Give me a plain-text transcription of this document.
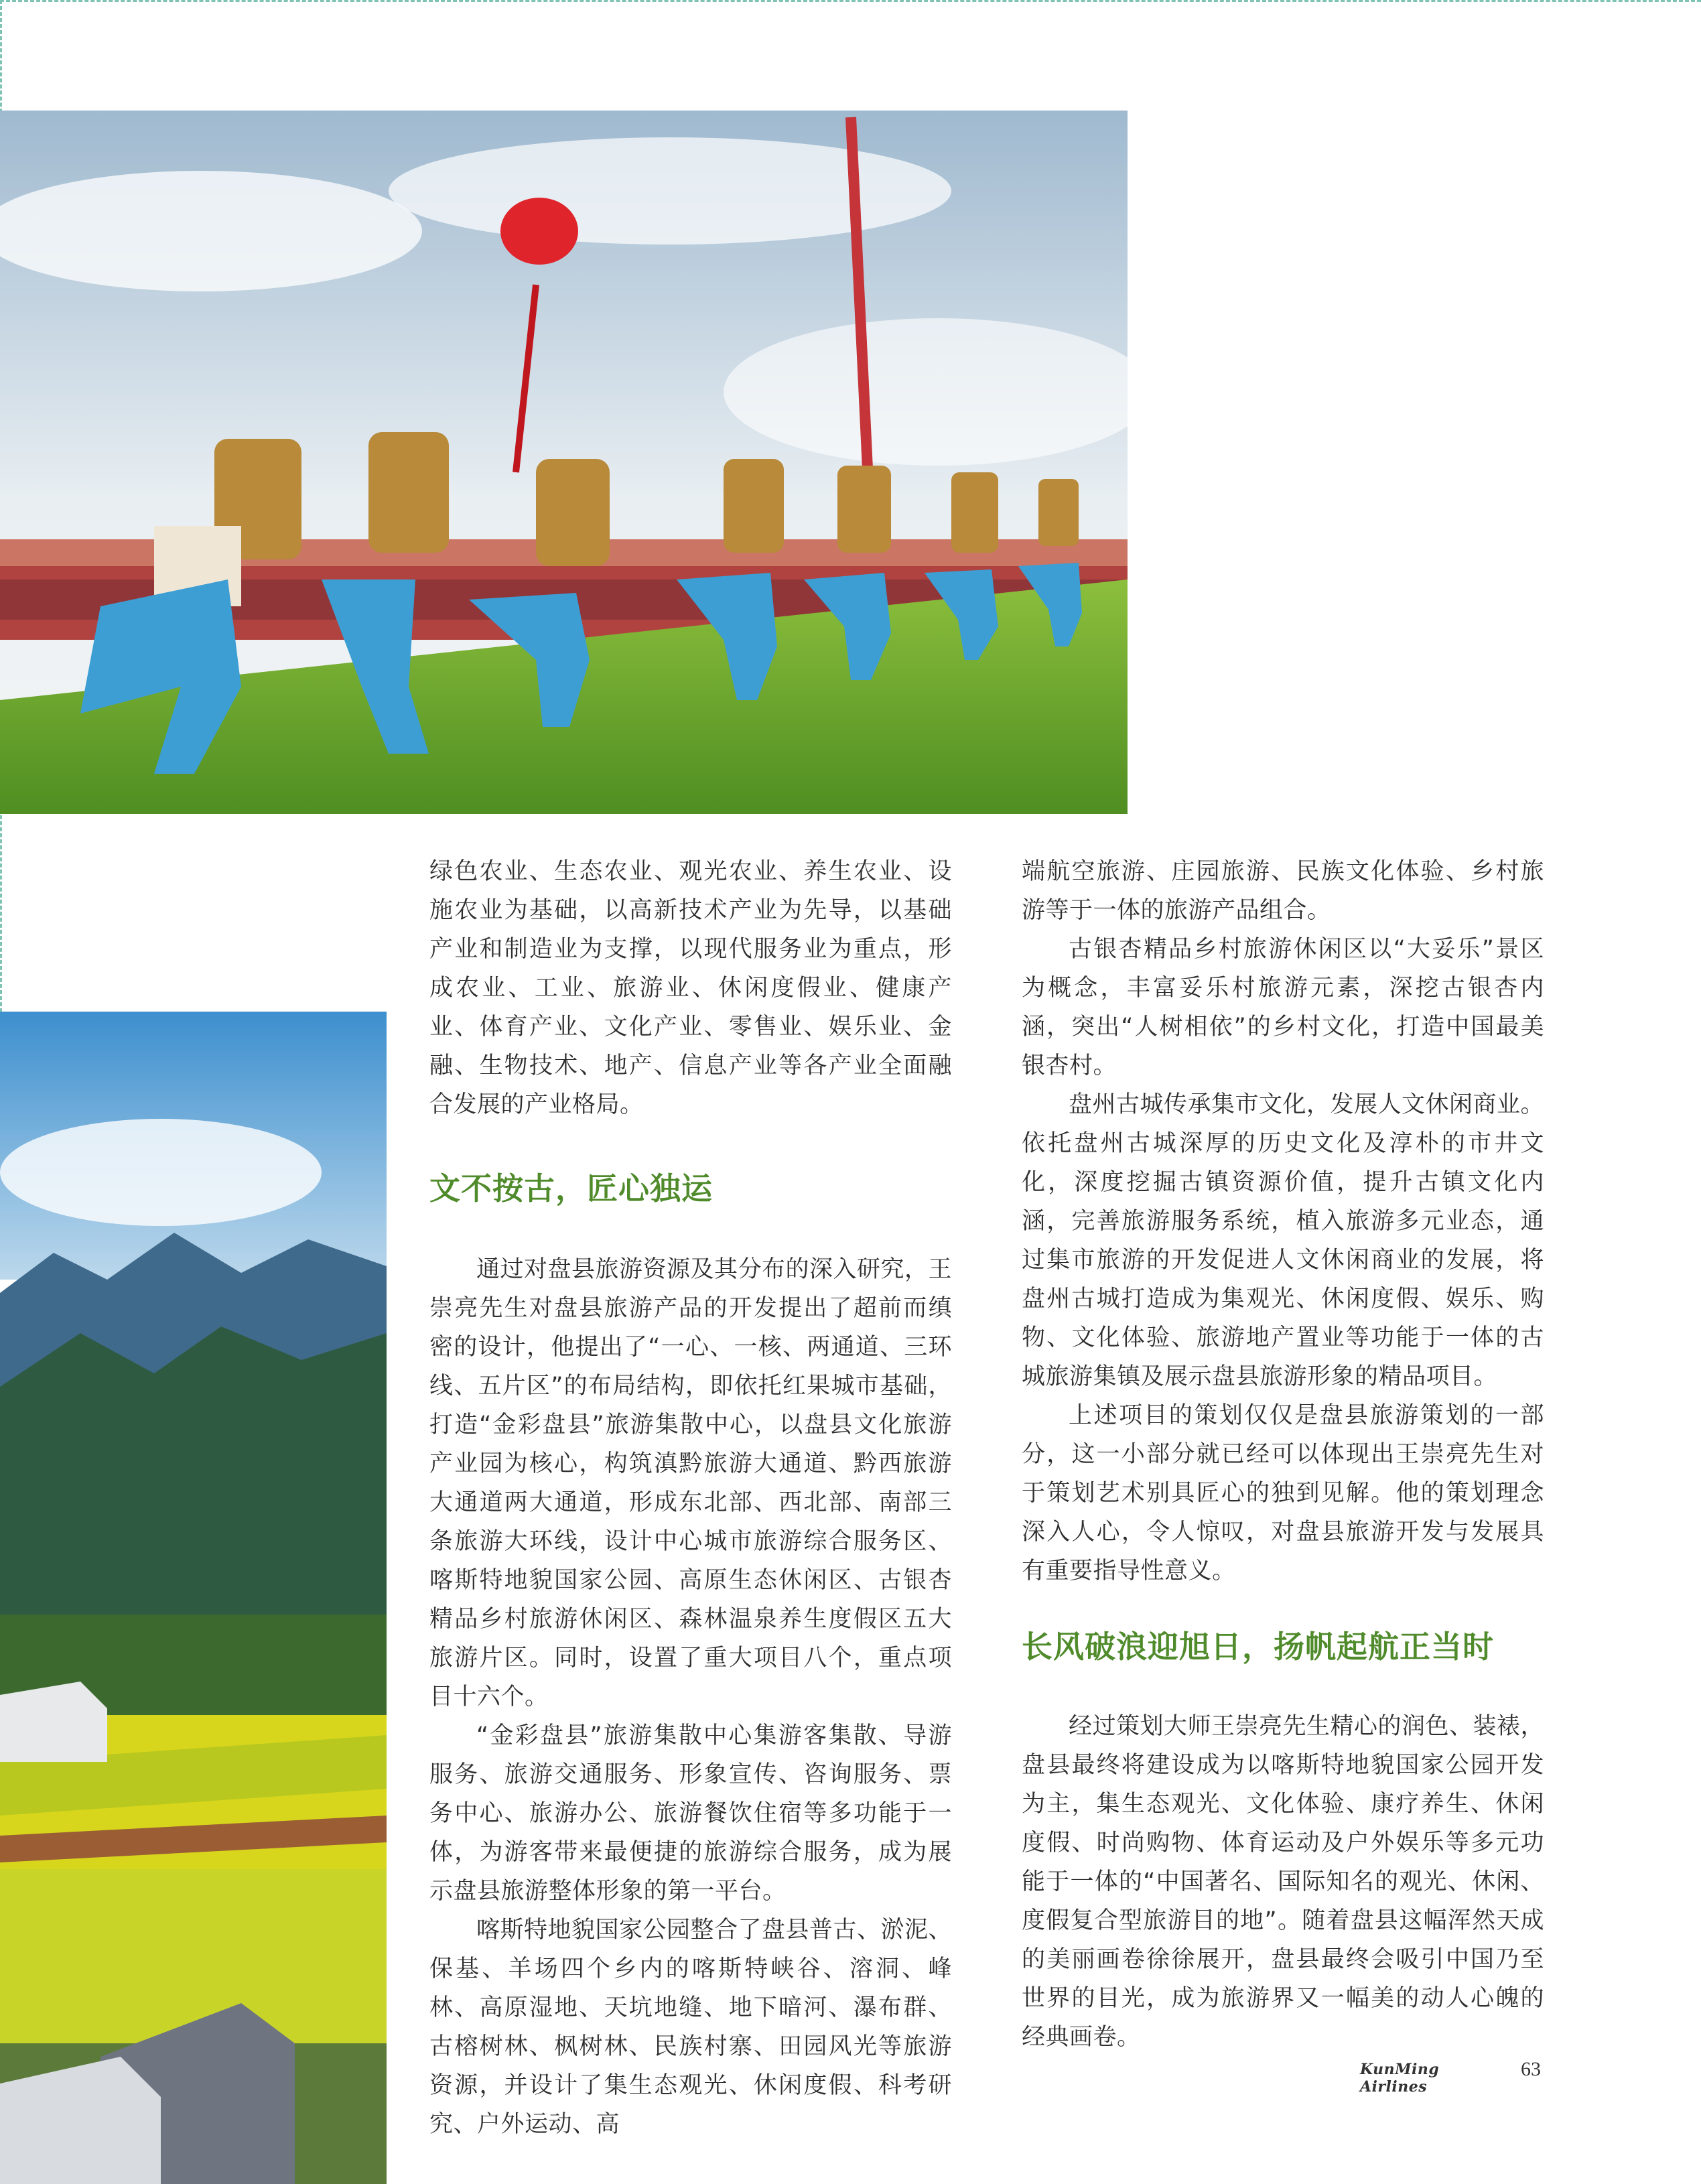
绿色农业、生态农业、观光农业、养生农业、设施农业为基础，以高新技术产业为先导，以基础产业和制造业为支撑，以现代服务业为重点，形成农业、工业、旅游业、休闲度假业、健康产业、体育产业、文化产业、零售业、娱乐业、金融、生物技术、地产、信息产业等各产业全面融合发展的产业格局。

文不按古，匠心独运

通过对盘县旅游资源及其分布的深入研究，王崇亮先生对盘县旅游产品的开发提出了超前而缜密的设计，他提出了“一心、一核、两通道、三环线、五片区”的布局结构，即依托红果城市基础，打造“金彩盘县”旅游集散中心，以盘县文化旅游产业园为核心，构筑滇黔旅游大通道、黔西旅游大通道两大通道，形成东北部、西北部、南部三条旅游大环线，设计中心城市旅游综合服务区、喀斯特地貌国家公园、高原生态休闲区、古银杏精品乡村旅游休闲区、森林温泉养生度假区五大旅游片区。同时，设置了重大项目八个，重点项目十六个。

“金彩盘县”旅游集散中心集游客集散、导游服务、旅游交通服务、形象宣传、咨询服务、票务中心、旅游办公、旅游餐饮住宿等多功能于一体，为游客带来最便捷的旅游综合服务，成为展示盘县旅游整体形象的第一平台。

喀斯特地貌国家公园整合了盘县普古、淤泥、保基、羊场四个乡内的喀斯特峡谷、溶洞、峰林、高原湿地、天坑地缝、地下暗河、瀑布群、古榕树林、枫树林、民族村寨、田园风光等旅游资源，并设计了集生态观光、休闲度假、科考研究、户外运动、高

端航空旅游、庄园旅游、民族文化体验、乡村旅游等于一体的旅游产品组合。

古银杏精品乡村旅游休闲区以“大妥乐”景区为概念，丰富妥乐村旅游元素，深挖古银杏内涵，突出“人树相依”的乡村文化，打造中国最美银杏村。

盘州古城传承集市文化，发展人文休闲商业。依托盘州古城深厚的历史文化及淳朴的市井文化，深度挖掘古镇资源价值，提升古镇文化内涵，完善旅游服务系统，植入旅游多元业态，通过集市旅游的开发促进人文休闲商业的发展，将盘州古城打造成为集观光、休闲度假、娱乐、购物、文化体验、旅游地产置业等功能于一体的古城旅游集镇及展示盘县旅游形象的精品项目。

上述项目的策划仅仅是盘县旅游策划的一部分，这一小部分就已经可以体现出王崇亮先生对于策划艺术别具匠心的独到见解。他的策划理念深入人心，令人惊叹，对盘县旅游开发与发展具有重要指导性意义。

长风破浪迎旭日，扬帆起航正当时

经过策划大师王崇亮先生精心的润色、装裱，盘县最终将建设成为以喀斯特地貌国家公园开发为主，集生态观光、文化体验、康疗养生、休闲度假、时尚购物、体育运动及户外娱乐等多元功能于一体的“中国著名、国际知名的观光、休闲、度假复合型旅游目的地”。随着盘县这幅浑然天成的美丽画卷徐徐展开，盘县最终会吸引中国乃至世界的目光，成为旅游界又一幅美的动人心魄的经典画卷。

KunMing Airlines
63
